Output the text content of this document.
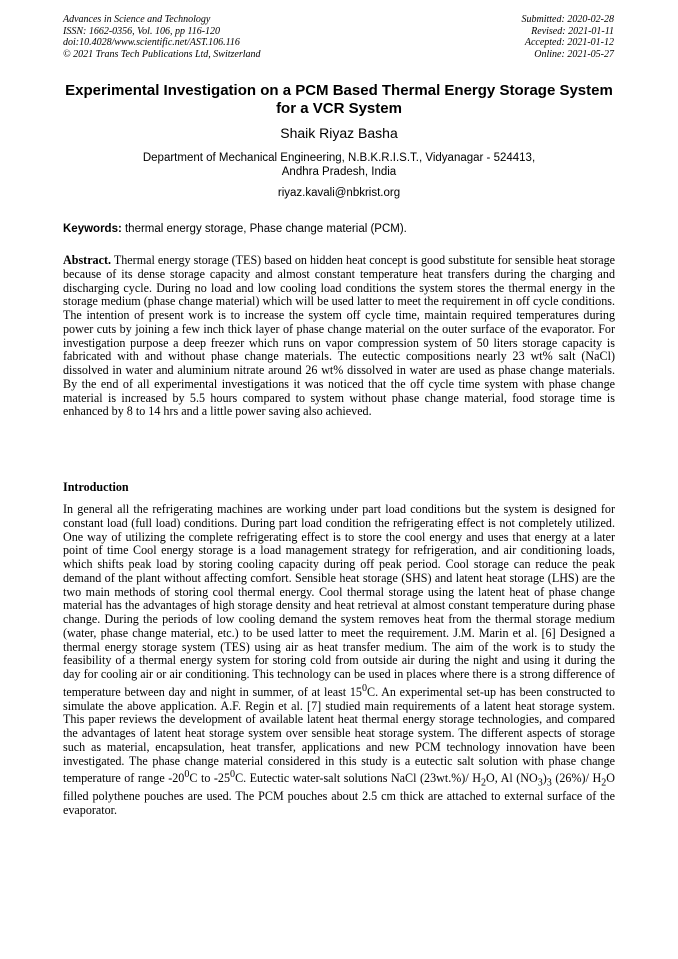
Advances in Science and Technology
ISSN: 1662-0356, Vol. 106, pp 116-120
doi:10.4028/www.scientific.net/AST.106.116
© 2021 Trans Tech Publications Ltd, Switzerland
Submitted: 2020-02-28
Revised: 2021-01-11
Accepted: 2021-01-12
Online: 2021-05-27
Experimental Investigation on a PCM Based Thermal Energy Storage System for a VCR System
Shaik Riyaz Basha
Department of Mechanical Engineering, N.B.K.R.I.S.T., Vidyanagar - 524413,
Andhra Pradesh, India
riyaz.kavali@nbkrist.org
Keywords: thermal energy storage, Phase change material (PCM).
Abstract. Thermal energy storage (TES) based on hidden heat concept is good substitute for sensible heat storage because of its dense storage capacity and almost constant temperature heat transfers during the charging and discharging cycle. During no load and low cooling load conditions the system stores the thermal energy in the storage medium (phase change material) which will be used latter to meet the requirement in off cycle conditions. The intention of present work is to increase the system off cycle time, maintain required temperatures during power cuts by joining a few inch thick layer of phase change material on the outer surface of the evaporator. For investigation purpose a deep freezer which runs on vapor compression system of 50 liters storage capacity is fabricated with and without phase change materials. The eutectic compositions nearly 23 wt% salt (NaCl) dissolved in water and aluminium nitrate around 26 wt% dissolved in water are used as phase change materials. By the end of all experimental investigations it was noticed that the off cycle time system with phase change material is increased by 5.5 hours compared to system without phase change material, food storage time is enhanced by 8 to 14 hrs and a little power saving also achieved.
Introduction
In general all the refrigerating machines are working under part load conditions but the system is designed for constant load (full load) conditions. During part load condition the refrigerating effect is not completely utilized. One way of utilizing the complete refrigerating effect is to store the cool energy and uses that energy at a later point of time Cool energy storage is a load management strategy for refrigeration, and air conditioning loads, which shifts peak load by storing cooling capacity during off peak period. Cool storage can reduce the peak demand of the plant without affecting comfort. Sensible heat storage (SHS) and latent heat storage (LHS) are the two main methods of storing cool thermal energy. Cool thermal storage using the latent heat of phase change material has the advantages of high storage density and heat retrieval at almost constant temperature during phase change. During the periods of low cooling demand the system removes heat from the thermal storage medium (water, phase change material, etc.) to be used latter to meet the requirement. J.M. Marin et al. [6] Designed a thermal energy storage system (TES) using air as heat transfer medium. The aim of the work is to study the feasibility of a thermal energy system for storing cold from outside air during the night and using it during the day for cooling air or air conditioning. This technology can be used in places where there is a strong difference of temperature between day and night in summer, of at least $15^0C$. An experimental set-up has been constructed to simulate the above application. A.F. Regin et al. [7] studied main requirements of a latent heat storage system. This paper reviews the development of available latent heat thermal energy storage technologies, and compared the advantages of latent heat storage system over sensible heat storage system. The different aspects of storage such as material, encapsulation, heat transfer, applications and new PCM technology innovation have been investigated. The phase change material considered in this study is a eutectic salt solution with phase change temperature of range $-20^0C$ to $-25^0C$. Eutectic water-salt solutions NaCl (23wt.%)/ $H_2O$, Al $(NO_3)_3$ (26%)/ $H_2O$ filled polythene pouches are used. The PCM pouches about 2.5 cm thick are attached to external surface of the evaporator.
